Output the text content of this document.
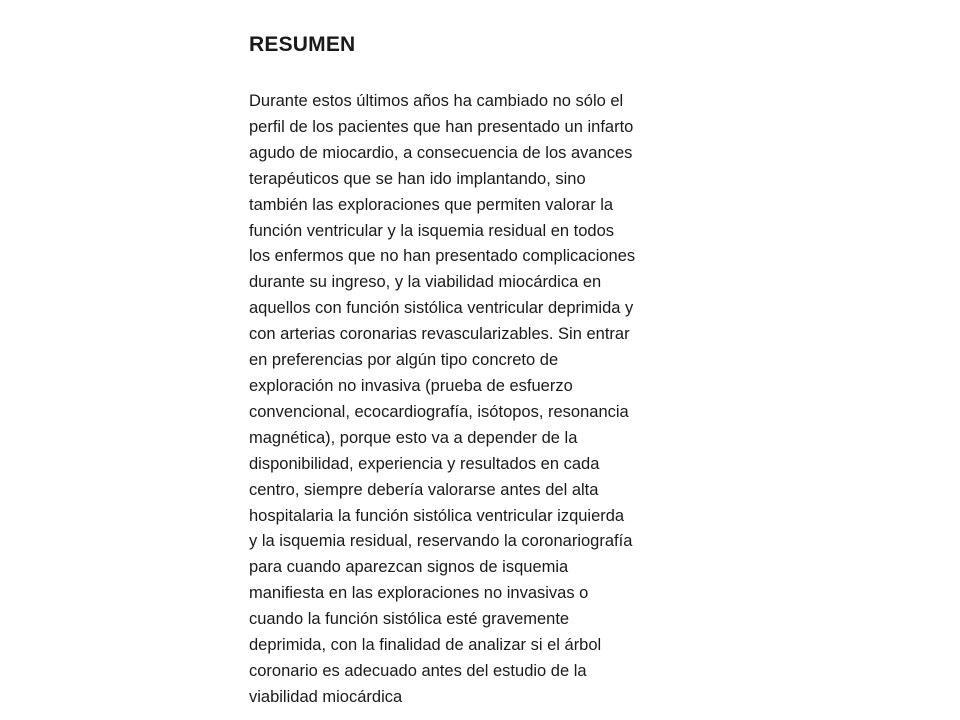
RESUMEN
Durante estos últimos años ha cambiado no sólo el
perfil de los pacientes que han presentado un infarto
agudo de miocardio, a consecuencia de los avances
terapéuticos que se han ido implantando, sino
también las exploraciones que permiten valorar la
función ventricular y la isquemia residual en todos
los enfermos que no han presentado complicaciones
durante su ingreso, y la viabilidad miocárdica en
aquellos con función sistólica ventricular deprimida y
con arterias coronarias revascularizables. Sin entrar
en preferencias por algún tipo concreto de
exploración no invasiva (prueba de esfuerzo
convencional, ecocardiografía, isótopos, resonancia
magnética), porque esto va a depender de la
disponibilidad, experiencia y resultados en cada
centro, siempre debería valorarse antes del alta
hospitalaria la función sistólica ventricular izquierda
y la isquemia residual, reservando la coronariografía
para cuando aparezcan signos de isquemia
manifiesta en las exploraciones no invasivas o
cuando la función sistólica esté gravemente
deprimida, con la finalidad de analizar si el árbol
coronario es adecuado antes del estudio de la
viabilidad miocárdica
